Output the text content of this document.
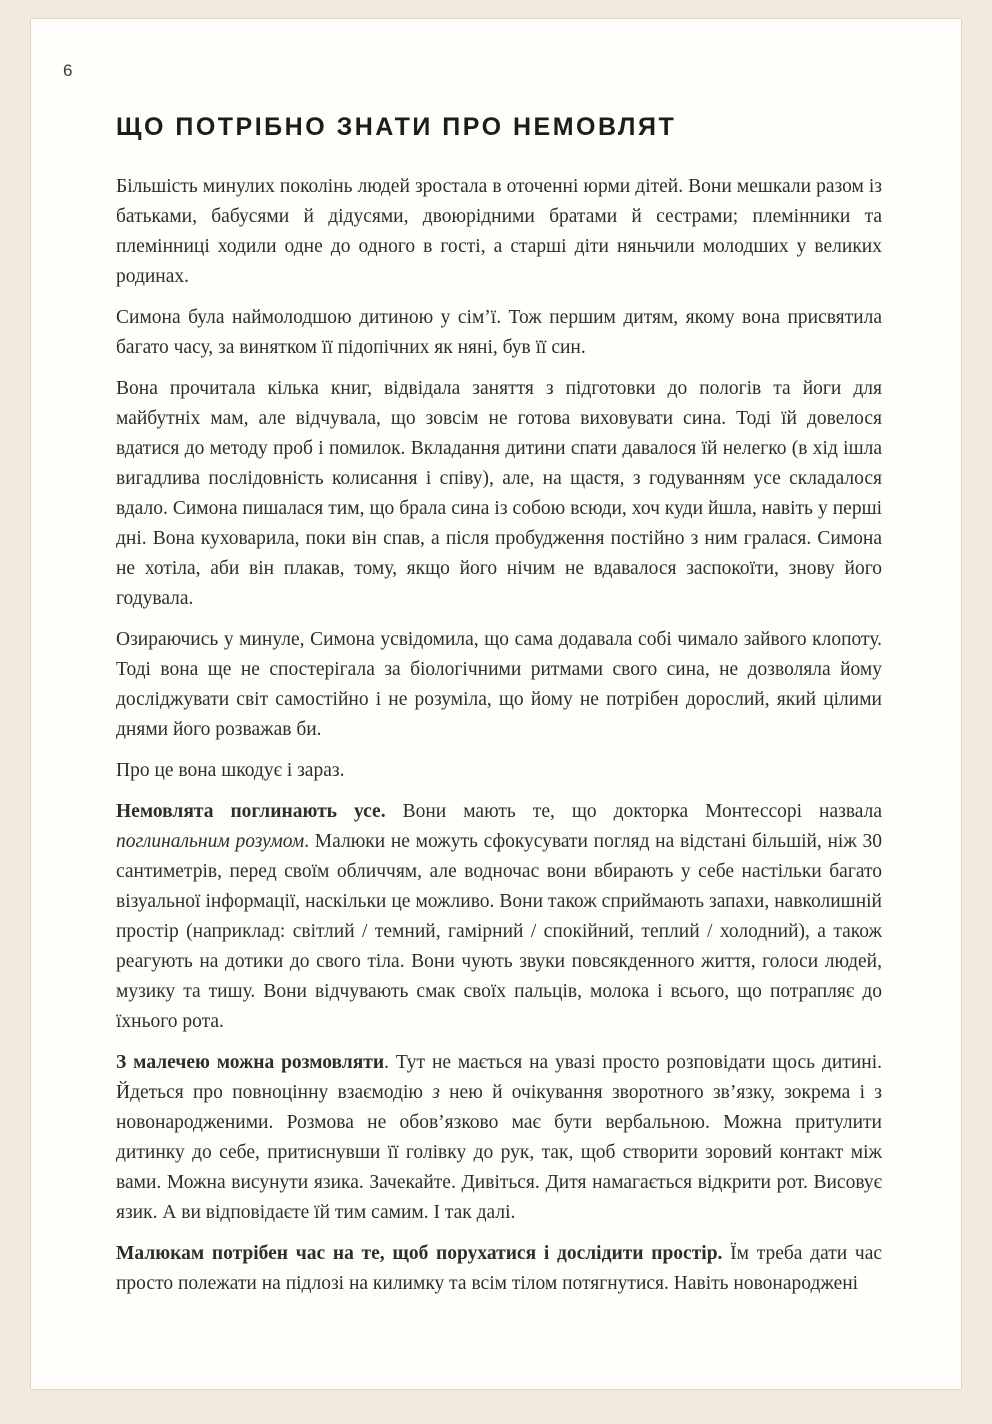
6
ЩО ПОТРІБНО ЗНАТИ ПРО НЕМОВЛЯТ

Більшість минулих поколінь людей зростала в оточенні юрми дітей. Вони мешкали разом із батьками, бабусями й дідусями, двоюрідними братами й сестрами; племінники та племінниці ходили одне до одного в гості, а старші діти няньчили молодших у великих родинах.

Симона була наймолодшою дитиною у сім’ї. Тож першим дитям, якому вона присвятила багато часу, за винятком її підопічних як няні, був її син.

Вона прочитала кілька книг, відвідала заняття з підготовки до пологів та йоги для майбутніх мам, але відчувала, що зовсім не готова виховувати сина. Тоді їй довелося вдатися до методу проб і помилок. Вкладання дитини спати давалося їй нелегко (в хід ішла вигадлива послідовність колисання і співу), але, на щастя, з годуванням усе складалося вдало. Симона пишалася тим, що брала сина із собою всюди, хоч куди йшла, навіть у перші дні. Вона куховарила, поки він спав, а після пробудження постійно з ним гралася. Симона не хотіла, аби він плакав, тому, якщо його нічим не вдавалося заспокоїти, знову його годувала.

Озираючись у минуле, Симона усвідомила, що сама додавала собі чимало зайвого клопоту. Тоді вона ще не спостерігала за біологічними ритмами свого сина, не дозволяла йому досліджувати світ самостійно і не розуміла, що йому не потрібен дорослий, який цілими днями його розважав би.

Про це вона шкодує і зараз.

Немовлята поглинають усе. Вони мають те, що докторка Монтессорі назвала поглинальним розумом. Малюки не можуть сфокусувати погляд на відстані більшій, ніж 30 сантиметрів, перед своїм обличчям, але водночас вони вбирають у себе настільки багато візуальної інформації, наскільки це можливо. Вони також сприймають запахи, навколишній простір (наприклад: світлий / темний, гамірний / спокійний, теплий / холодний), а також реагують на дотики до свого тіла. Вони чують звуки повсякденного життя, голоси людей, музику та тишу. Вони відчувають смак своїх пальців, молока і всього, що потрапляє до їхнього рота.

З малечею можна розмовляти. Тут не мається на увазі просто розповідати щось дитині. Йдеться про повноцінну взаємодію з нею й очікування зворотного зв’язку, зокрема і з новонародженими. Розмова не обов’язково має бути вербальною. Можна притулити дитинку до себе, притиснувши її голівку до рук, так, щоб створити зоровий контакт між вами. Можна висунути язика. Зачекайте. Дивіться. Дитя намагається відкрити рот. Висовує язик. А ви відповідаєте їй тим самим. І так далі.

Малюкам потрібен час на те, щоб порухатися і дослідити простір. Їм треба дати час просто полежати на підлозі на килимку та всім тілом потягнутися. Навіть новонароджені
